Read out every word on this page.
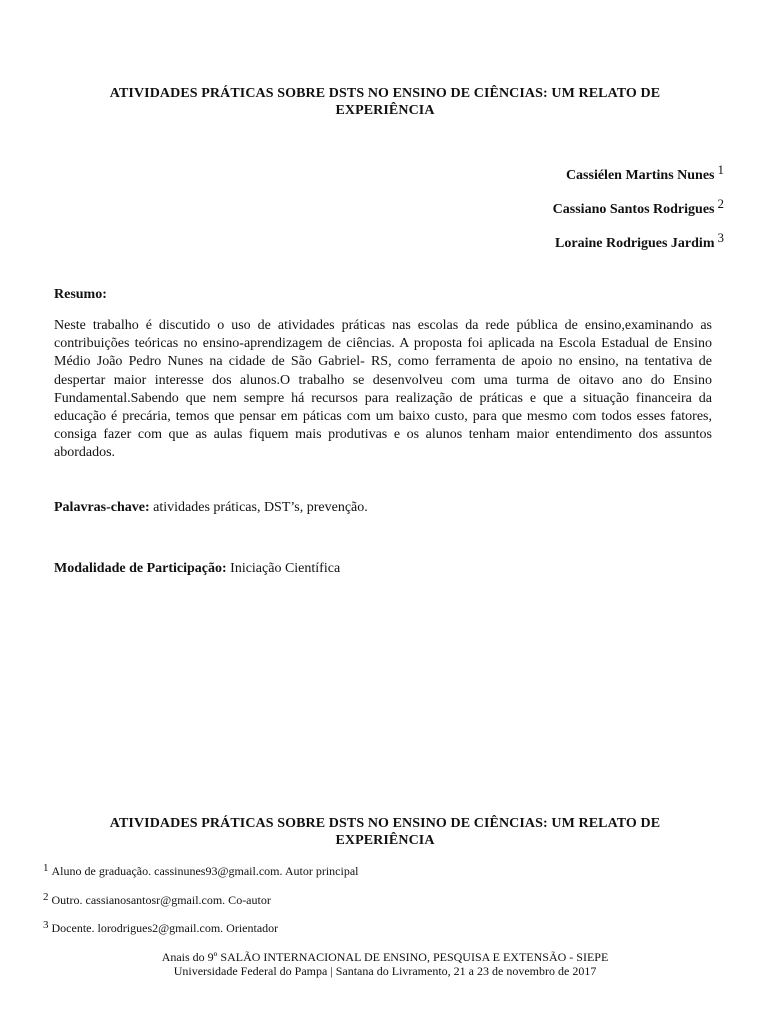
ATIVIDADES PRÁTICAS SOBRE DSTS NO ENSINO DE CIÊNCIAS: UM RELATO DE EXPERIÊNCIA
Cassiélen Martins Nunes $^1$
Cassiano Santos Rodrigues $^2$
Loraine Rodrigues Jardim $^3$
Resumo:

Neste trabalho é discutido o uso de atividades práticas nas escolas da rede pública de ensino,examinando as contribuições teóricas no ensino-aprendizagem de ciências. A proposta foi aplicada na Escola Estadual de Ensino Médio João Pedro Nunes na cidade de São Gabriel- RS, como ferramenta de apoio no ensino, na tentativa de despertar maior interesse dos alunos.O trabalho se desenvolveu com uma turma de oitavo ano do Ensino Fundamental.Sabendo que nem sempre há recursos para realização de práticas e que a situação financeira da educação é precária, temos que pensar em páticas com um baixo custo, para que mesmo com todos esses fatores, consiga fazer com que as aulas fiquem mais produtivas e os alunos tenham maior entendimento dos assuntos abordados.

Palavras-chave: atividades práticas, DST’s, prevenção.
Modalidade de Participação: Iniciação Científica
ATIVIDADES PRÁTICAS SOBRE DSTS NO ENSINO DE CIÊNCIAS: UM RELATO DE EXPERIÊNCIA
$^1$ Aluno de graduação. cassinunes93@gmail.com. Autor principal
$^2$ Outro. cassianosantosr@gmail.com. Co-autor
$^3$ Docente. lorodrigues2@gmail.com. Orientador
Anais do 9º SALÃO INTERNACIONAL DE ENSINO, PESQUISA E EXTENSÃO - SIEPE
Universidade Federal do Pampa | Santana do Livramento, 21 a 23 de novembro de 2017
